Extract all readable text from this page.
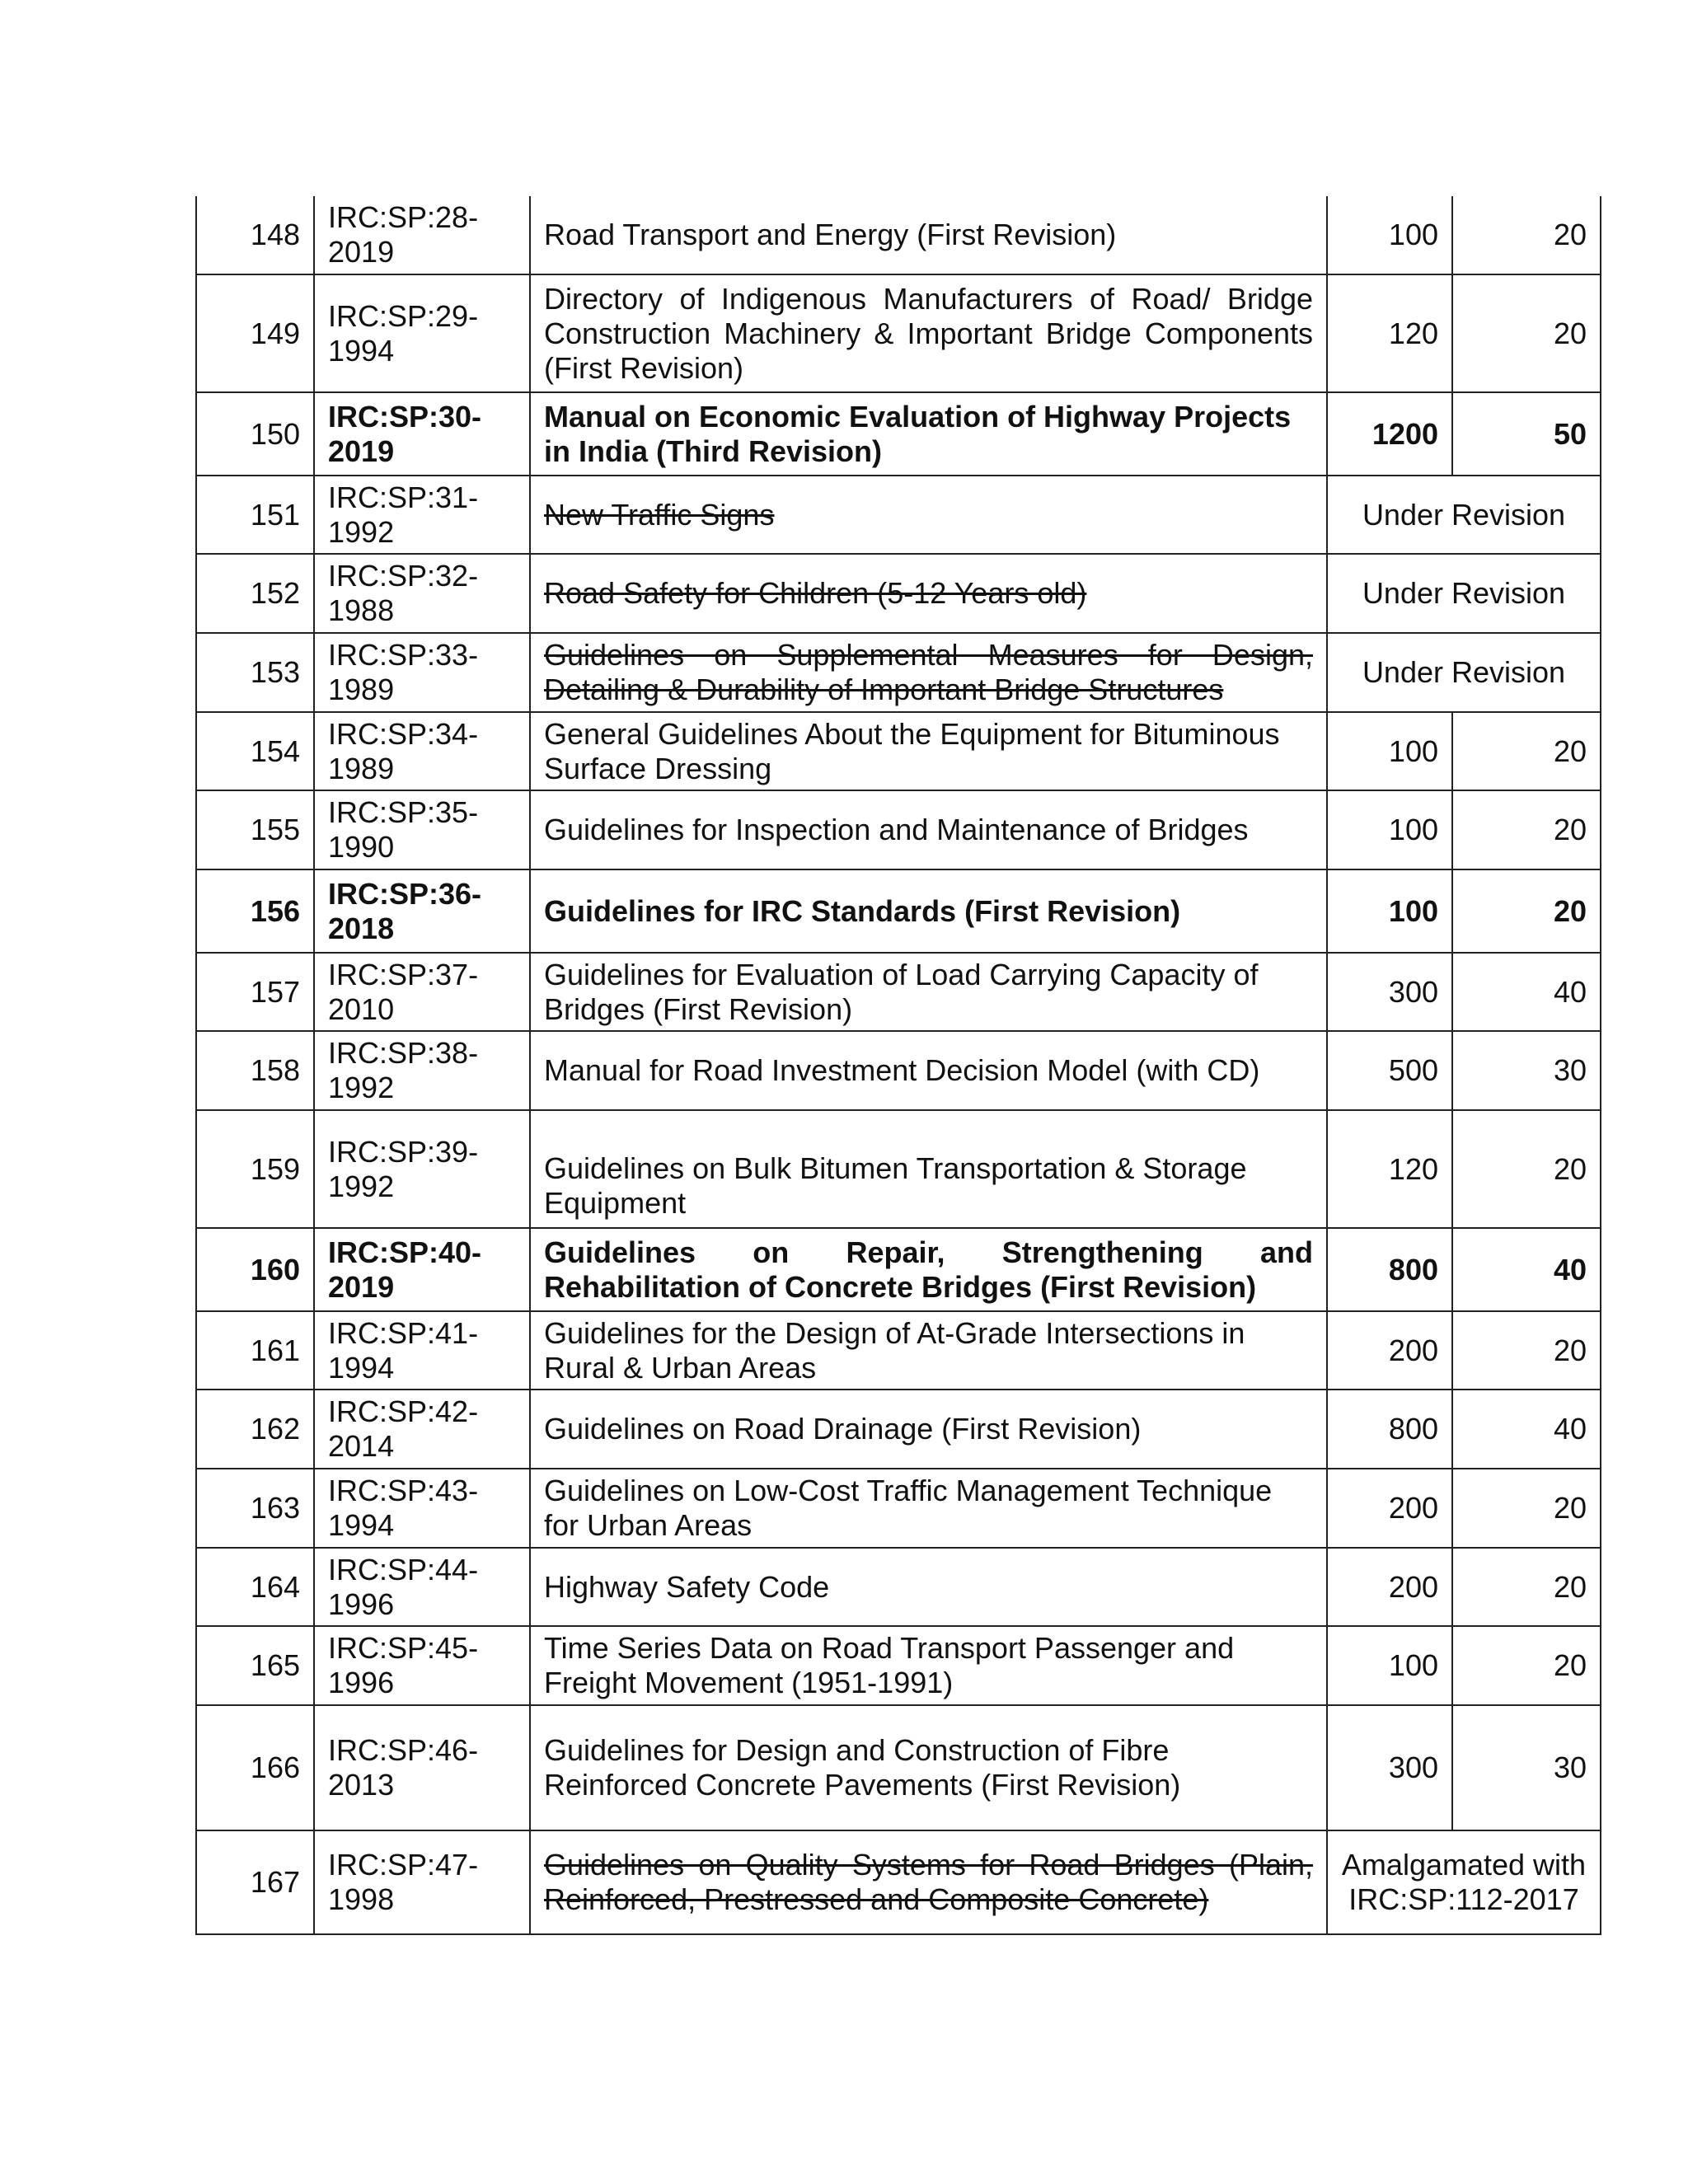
148	IRC:SP:28-2019	Road Transport and Energy (First Revision)	100	20
149	IRC:SP:29-1994	Directory of Indigenous Manufacturers of Road/ Bridge Construction Machinery & Important Bridge Components (First Revision)	120	20
150	IRC:SP:30-2019	Manual on Economic Evaluation of Highway Projects in India (Third Revision)	1200	50
151	IRC:SP:31-1992	New Traffic Signs	Under Revision	
152	IRC:SP:32-1988	Road Safety for Children (5-12 Years old)	Under Revision	
153	IRC:SP:33-1989	Guidelines on Supplemental Measures for Design, Detailing & Durability of Important Bridge Structures	Under Revision	
154	IRC:SP:34-1989	General Guidelines About the Equipment for Bituminous Surface Dressing	100	20
155	IRC:SP:35-1990	Guidelines for Inspection and Maintenance of Bridges	100	20
156	IRC:SP:36-2018	Guidelines for IRC Standards (First Revision)	100	20
157	IRC:SP:37-2010	Guidelines for Evaluation of Load Carrying Capacity of Bridges (First Revision)	300	40
158	IRC:SP:38-1992	Manual for Road Investment Decision Model (with CD)	500	30
159	IRC:SP:39-1992	Guidelines on Bulk Bitumen Transportation & Storage Equipment	120	20
160	IRC:SP:40-2019	Guidelines on Repair, Strengthening and Rehabilitation of Concrete Bridges (First Revision)	800	40
161	IRC:SP:41-1994	Guidelines for the Design of At-Grade Intersections in Rural & Urban Areas	200	20
162	IRC:SP:42-2014	Guidelines on Road Drainage (First Revision)	800	40
163	IRC:SP:43-1994	Guidelines on Low-Cost Traffic Management Technique for Urban Areas	200	20
164	IRC:SP:44-1996	Highway Safety Code	200	20
165	IRC:SP:45-1996	Time Series Data on Road Transport Passenger and Freight Movement (1951-1991)	100	20
166	IRC:SP:46-2013	Guidelines for Design and Construction of Fibre Reinforced Concrete Pavements (First Revision)	300	30
167	IRC:SP:47-1998	Guidelines on Quality Systems for Road Bridges (Plain, Reinforced, Prestressed and Composite Concrete)	Amalgamated with IRC:SP:112-2017	
